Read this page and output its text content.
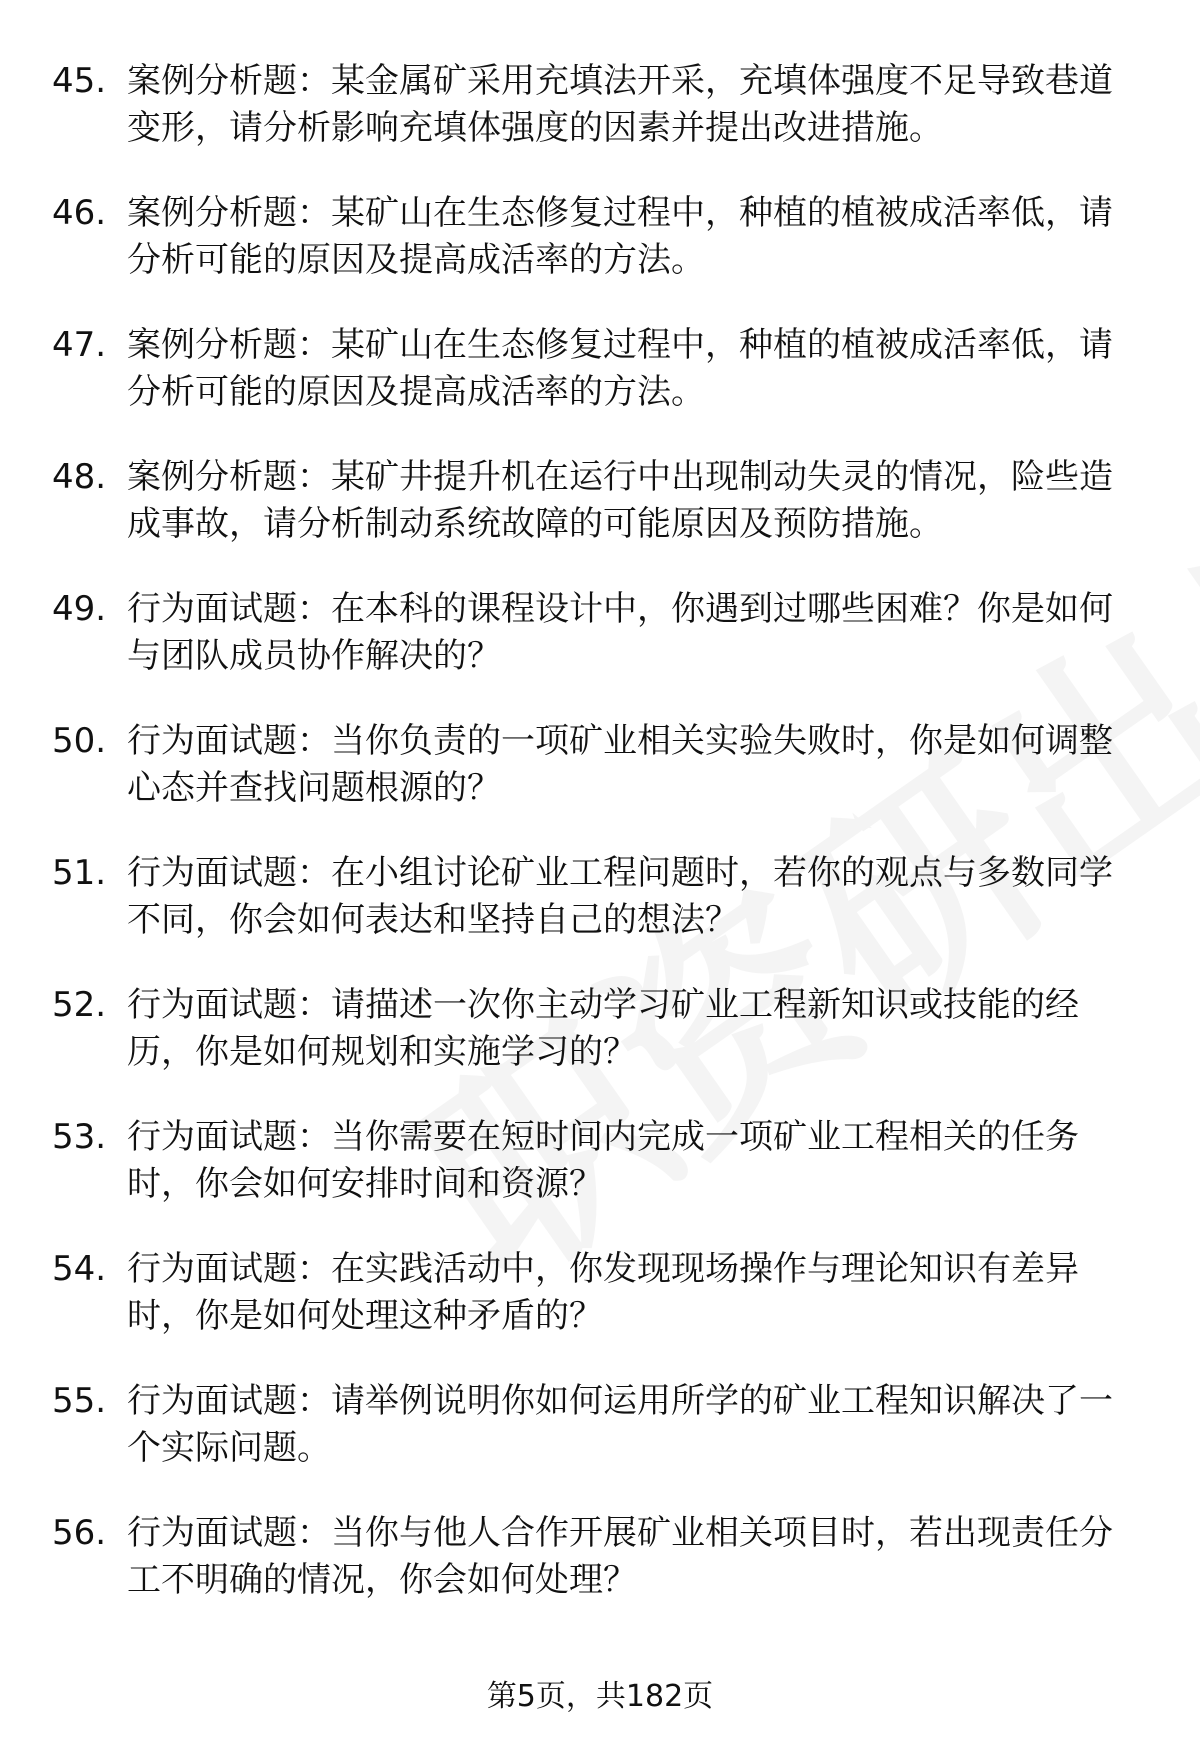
45. 案例分析题：某金属矿采用充填法开采，充填体强度不足导致巷道变形，请分析影响充填体强度的因素并提出改进措施。
46. 案例分析题：某矿山在生态修复过程中，种植的植被成活率低，请分析可能的原因及提高成活率的方法。
47. 案例分析题：某矿山在生态修复过程中，种植的植被成活率低，请分析可能的原因及提高成活率的方法。
48. 案例分析题：某矿井提升机在运行中出现制动失灵的情况，险些造成事故，请分析制动系统故障的可能原因及预防措施。
49. 行为面试题：在本科的课程设计中，你遇到过哪些困难？你是如何与团队成员协作解决的？
50. 行为面试题：当你负责的一项矿业相关实验失败时，你是如何调整心态并查找问题根源的？
51. 行为面试题：在小组讨论矿业工程问题时，若你的观点与多数同学不同，你会如何表达和坚持自己的想法？
52. 行为面试题：请描述一次你主动学习矿业工程新知识或技能的经历，你是如何规划和实施学习的？
53. 行为面试题：当你需要在短时间内完成一项矿业工程相关的任务时，你会如何安排时间和资源？
54. 行为面试题：在实践活动中，你发现现场操作与理论知识有差异时，你是如何处理这种矛盾的？
55. 行为面试题：请举例说明你如何运用所学的矿业工程知识解决了一个实际问题。
56. 行为面试题：当你与他人合作开展矿业相关项目时，若出现责任分工不明确的情况，你会如何处理？
第5页，共182页
